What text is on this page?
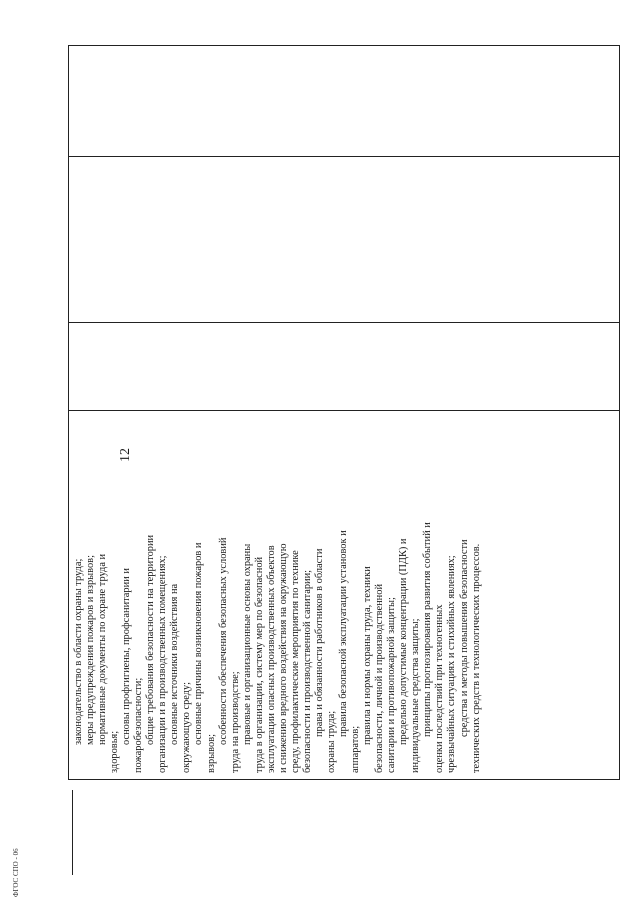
ФГОС СПО - 06
12
законодательство в области охраны труда; меры предупреждения пожаров и взрывов; нормативные документы по охране труда и
здоровья;
основы профгигиены, профсанитарии и пожаробезопасности; общие требования безопасности на территории организации и в производственных помещениях; основные источники воздействия на окружающую среду; основные причины возникновения пожаров и
взрывов;
особенности обеспечения безопасных условий труда на производстве; правовые и организационные основы охраны труда в организации, систему мер по безопасной эксплуатации опасных производственных объектов и снижению вредного воздействия на окружающую среду, профилактические мероприятия по технике безопасности и производственной санитарии; права и обязанности работников в области
охраны труда;
правила безопасной эксплуатации установок и
аппаратов;
правила и нормы охраны труда, техники безопасности, личной и производственной санитарии и противопожарной защиты; предельно допустимые концентрации (ПДК) и индивидуальные средства защиты; принципы прогнозирования развития событий и оценки последствий при техногенных чрезвычайных ситуациях и стихийных явлениях; средства и методы повышения безопасности технических средств и технологических процессов.
